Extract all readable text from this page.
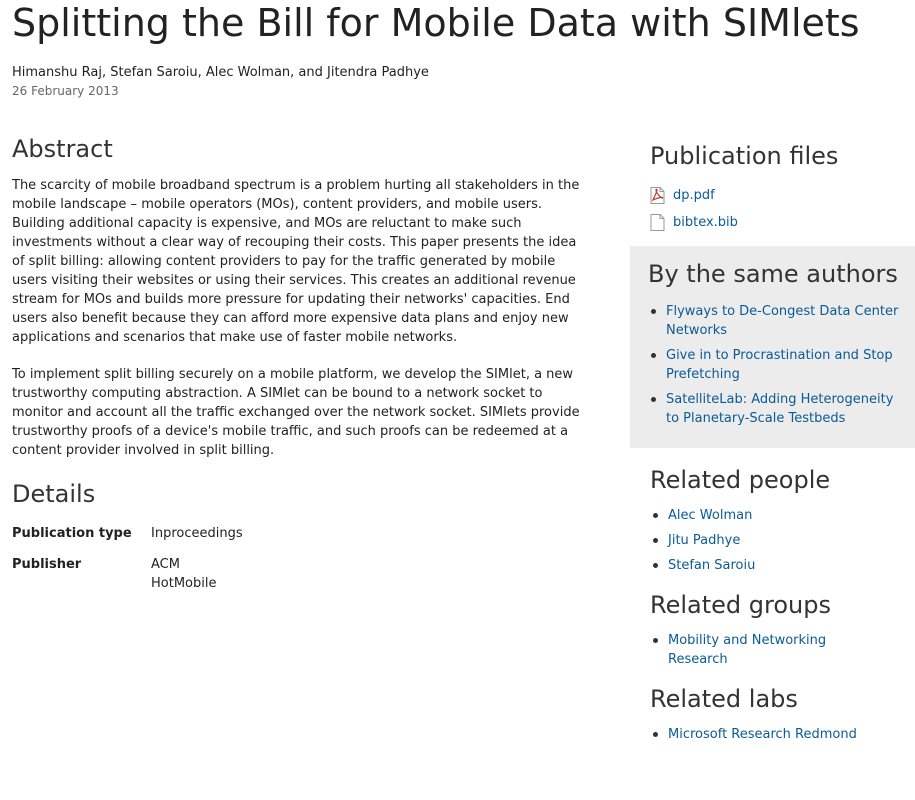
Splitting the Bill for Mobile Data with SIMlets
Himanshu Raj, Stefan Saroiu, Alec Wolman, and Jitendra Padhye
26 February 2013
Abstract

The scarcity of mobile broadband spectrum is a problem hurting all stakeholders in the mobile landscape – mobile operators (MOs), content providers, and mobile users. Building additional capacity is expensive, and MOs are reluctant to make such investments without a clear way of recouping their costs. This paper presents the idea of split billing: allowing content providers to pay for the traffic generated by mobile users visiting their websites or using their services. This creates an additional revenue stream for MOs and builds more pressure for updating their networks' capacities. End users also benefit because they can afford more expensive data plans and enjoy new applications and scenarios that make use of faster mobile networks.

To implement split billing securely on a mobile platform, we develop the SIMlet, a new trustworthy computing abstraction. A SIMlet can be bound to a network socket to monitor and account all the traffic exchanged over the network socket. SIMlets provide trustworthy proofs of a device's mobile traffic, and such proofs can be redeemed at a content provider involved in split billing.

Details
Publication type	Inproceedings
Publisher	ACM
HotMobile
Publication files
dp.pdf
bibtex.bib
By the same authors
Flyways to De-Congest Data Center Networks
Give in to Procrastination and Stop Prefetching
SatelliteLab: Adding Heterogeneity to Planetary-Scale Testbeds
Related people
Alec Wolman
Jitu Padhye
Stefan Saroiu
Related groups
Mobility and Networking Research
Related labs
Microsoft Research Redmond
